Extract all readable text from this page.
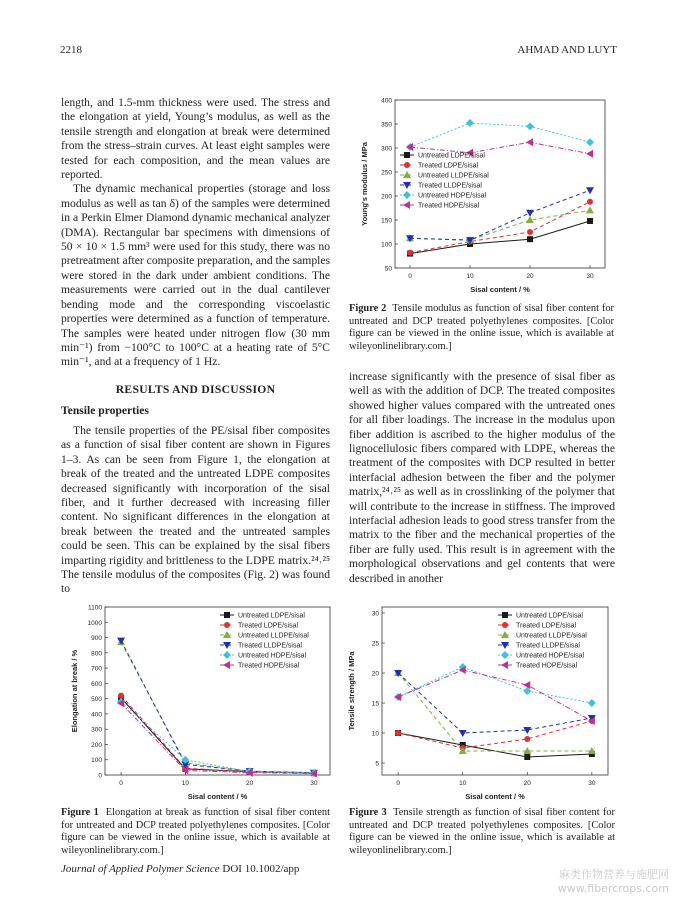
2218	AHMAD AND LUYT

length, and 1.5-mm thickness were used. The stress and the elongation at yield, Young’s modulus, as well as the tensile strength and elongation at break were determined from the stress–strain curves. At least eight samples were tested for each composition, and the mean values are reported.

The dynamic mechanical properties (storage and loss modulus as well as tan δ) of the samples were determined in a Perkin Elmer Diamond dynamic mechanical analyzer (DMA). Rectangular bar specimens with dimensions of 50 × 10 × 1.5 mm³ were used for this study, there was no pretreatment after composite preparation, and the samples were stored in the dark under ambient conditions. The measurements were carried out in the dual cantilever bending mode and the corresponding viscoelastic properties were determined as a function of temperature. The samples were heated under nitrogen flow (30 mm min⁻¹) from −100°C to 100°C at a heating rate of 5°C min⁻¹, and at a frequency of 1 Hz.

RESULTS AND DISCUSSION
Tensile properties

The tensile properties of the PE/sisal fiber composites as a function of sisal fiber content are shown in Figures 1–3. As can be seen from Figure 1, the elongation at break of the treated and the untreated LDPE composites decreased significantly with incorporation of the sisal fiber, and it further decreased with increasing filler content. No significant differences in the elongation at break between the treated and the untreated samples could be seen. This can be explained by the sisal fibers imparting rigidity and brittleness to the LDPE matrix.²⁴˒²⁵ The tensile modulus of the composites (Fig. 2) was found to

50
100
150
200
250
300
350
400
0	10	20	30
Sisal content / %
Young's modulus / MPa	Untreated LDPE/sisal
Treated LDPE/sisal
Untreated LLDPE/sisal
Treated LLDPE/sisal
Untreated HDPE/sisal
Treated HDPE/sisal
Figure 2 Tensile modulus as function of sisal fiber content for untreated and DCP treated polyethylenes composites. [Color figure can be viewed in the online issue, which is available at wileyonlinelibrary.com.]

increase significantly with the presence of sisal fiber as well as with the addition of DCP. The treated composites showed higher values compared with the untreated ones for all fiber loadings. The increase in the modulus upon fiber addition is ascribed to the higher modulus of the lignocellulosic fibers compared with LDPE, whereas the treatment of the composites with DCP resulted in better interfacial adhesion between the fiber and the polymer matrix,²⁴˒²⁵ as well as in crosslinking of the polymer that will contribute to the increase in stiffness. The improved interfacial adhesion leads to good stress transfer from the matrix to the fiber and the mechanical properties of the fiber are fully used. This result is in agreement with the morphological observations and gel contents that were described in another

0
100
200
300
400
500
600
700
800
900
1000
1100
0	10	20	30
Sisal content / %
Elongation at break / %
Untreated LDPE/sisal
Treated LDPE/sisal
Untreated LLDPE/sisal
Treated LLDPE/sisal
Untreated HDPE/sisal
Treated HDPE/sisal
Figure 1 Elongation at break as function of sisal fiber content for untreated and DCP treated polyethylenes composites. [Color figure can be viewed in the online issue, which is available at wileyonlinelibrary.com.]
5
10
15
20
25
30
0	10	20	30
Sisal content / %
Tensile strength / MPa
Untreated LDPE/sisal
Treated LDPE/sisal
Untreated LLDPE/sisal
Treated LLDPE/sisal
Untreated HDPE/sisal
Treated HDPE/sisal
Figure 3 Tensile strength as function of sisal fiber content for untreated and DCP treated polyethylenes composites. [Color figure can be viewed in the online issue, which is available at wileyonlinelibrary.com.]
Journal of Applied Polymer Science DOI 10.1002/app	麻类作物营养与施肥网
www.fibercrops.com
